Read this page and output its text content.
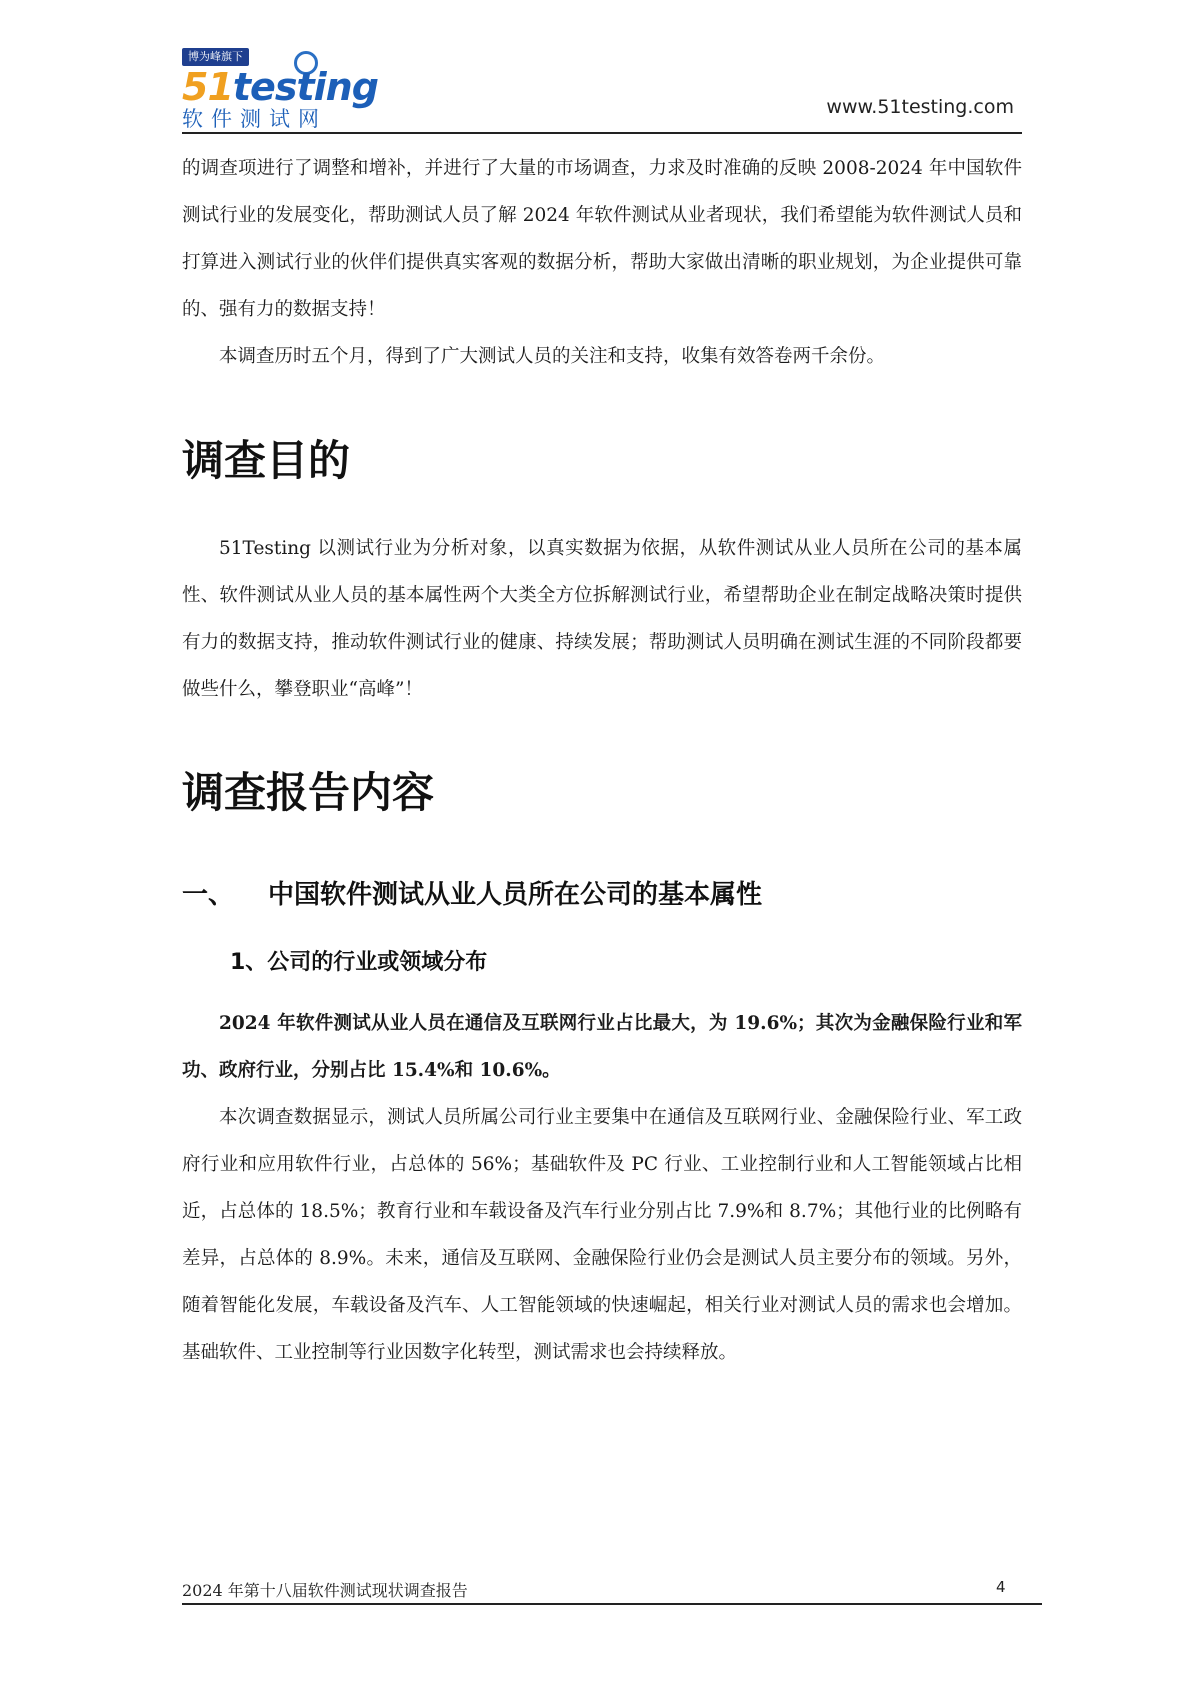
博为峰旗下
51testing
软件测试网	www.51testing.com

的调查项进行了调整和增补，并进行了大量的市场调查，力求及时准确的反映 2008-2024 年中国软件测试行业的发展变化，帮助测试人员了解 2024 年软件测试从业者现状，我们希望能为软件测试人员和打算进入测试行业的伙伴们提供真实客观的数据分析，帮助大家做出清晰的职业规划，为企业提供可靠的、强有力的数据支持！

本调查历时五个月，得到了广大测试人员的关注和支持，收集有效答卷两千余份。

调查目的

51Testing 以测试行业为分析对象，以真实数据为依据，从软件测试从业人员所在公司的基本属性、软件测试从业人员的基本属性两个大类全方位拆解测试行业，希望帮助企业在制定战略决策时提供有力的数据支持，推动软件测试行业的健康、持续发展；帮助测试人员明确在测试生涯的不同阶段都要做些什么，攀登职业“高峰”！

调查报告内容
一、 中国软件测试从业人员所在公司的基本属性
1、公司的行业或领域分布

2024 年软件测试从业人员在通信及互联网行业占比最大，为 19.6%；其次为金融保险行业和军功、政府行业，分别占比 15.4%和 10.6%。

本次调查数据显示，测试人员所属公司行业主要集中在通信及互联网行业、金融保险行业、军工政府行业和应用软件行业，占总体的 56%；基础软件及 PC 行业、工业控制行业和人工智能领域占比相近，占总体的 18.5%；教育行业和车载设备及汽车行业分别占比 7.9%和 8.7%；其他行业的比例略有差异，占总体的 8.9%。未来，通信及互联网、金融保险行业仍会是测试人员主要分布的领域。另外，随着智能化发展，车载设备及汽车、人工智能领域的快速崛起，相关行业对测试人员的需求也会增加。基础软件、工业控制等行业因数字化转型，测试需求也会持续释放。

2024 年第十八届软件测试现状调查报告	4
